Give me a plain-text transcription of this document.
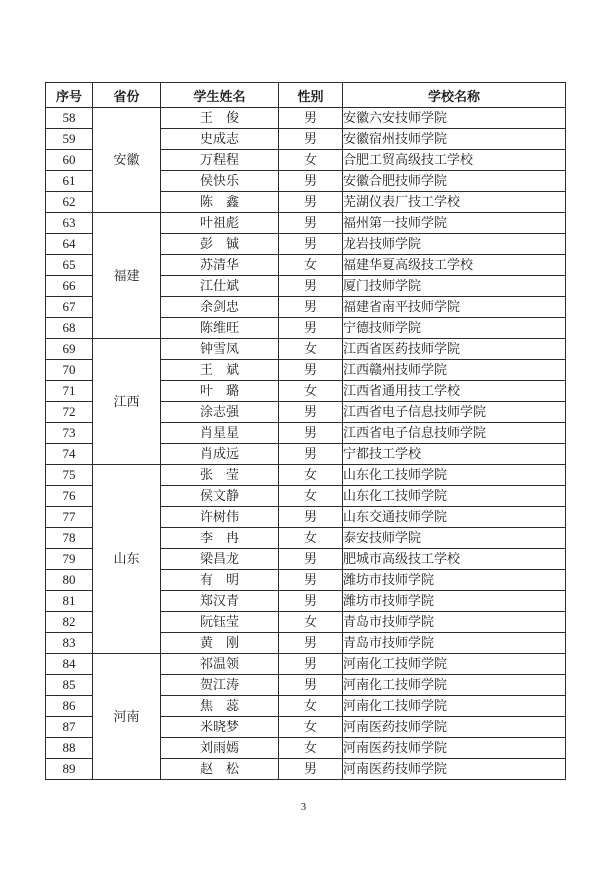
序号	省份	学生姓名	性别	学校名称
58	安徽	王　俊	男	安徽六安技师学院
59		史成志	男	安徽宿州技师学院
60		万程程	女	合肥工贸高级技工学校
61		侯快乐	男	安徽合肥技师学院
62		陈　鑫	男	芜湖仪表厂技工学校
63	福建	叶祖彪	男	福州第一技师学院
64		彭　铖	男	龙岩技师学院
65		苏清华	女	福建华夏高级技工学校
66		江仕斌	男	厦门技师学院
67		余剑忠	男	福建省南平技师学院
68		陈维旺	男	宁德技师学院
69	江西	钟雪凤	女	江西省医药技师学院
70		王　斌	男	江西赣州技师学院
71		叶　璐	女	江西省通用技工学校
72		涂志强	男	江西省电子信息技师学院
73		肖星星	男	江西省电子信息技师学院
74		肖成远	男	宁都技工学校
75	山东	张　莹	女	山东化工技师学院
76		侯文静	女	山东化工技师学院
77		许树伟	男	山东交通技师学院
78		李　冉	女	泰安技师学院
79		梁昌龙	男	肥城市高级技工学校
80		有　明	男	潍坊市技师学院
81		郑汉青	男	潍坊市技师学院
82		阮钰莹	女	青岛市技师学院
83		黄　刚	男	青岛市技师学院
84	河南	祁温领	男	河南化工技师学院
85		贺江涛	男	河南化工技师学院
86		焦　蕊	女	河南化工技师学院
87		米晓梦	女	河南医药技师学院
88		刘雨嫣	女	河南医药技师学院
89		赵　松	男	河南医药技师学院
3
